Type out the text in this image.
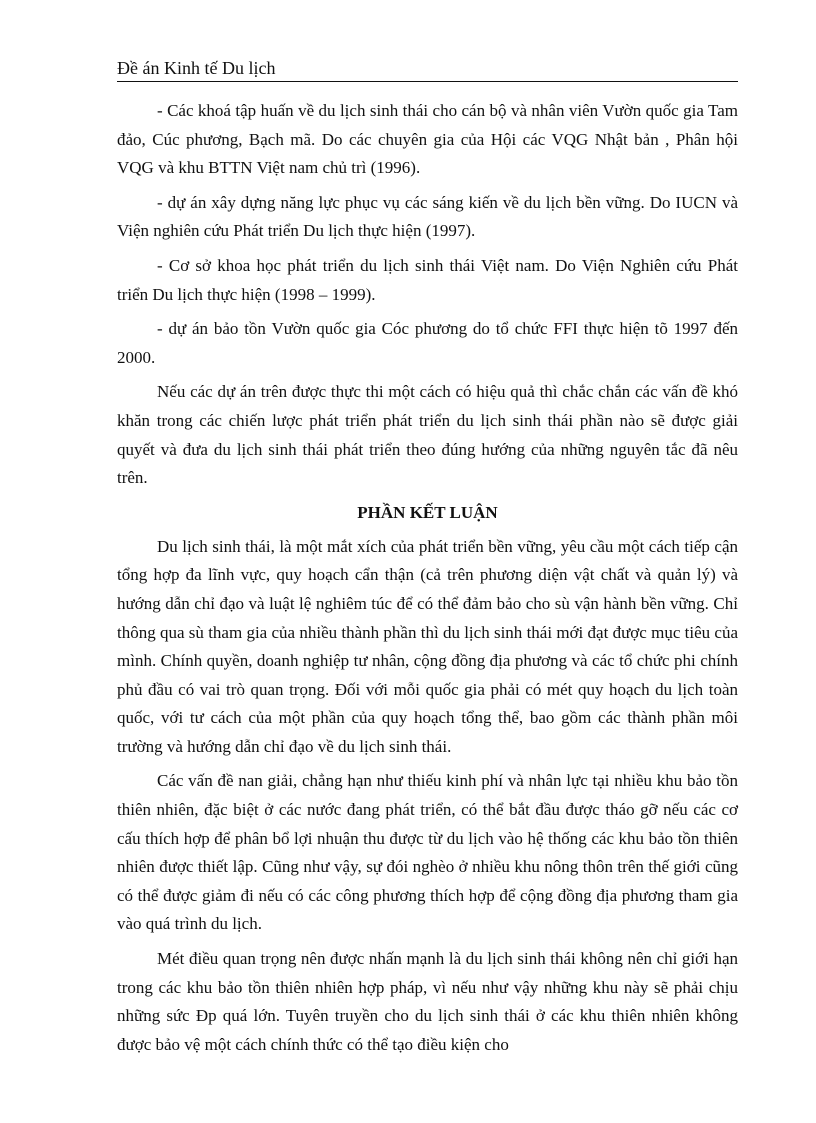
Đề án Kinh tế Du lịch

- Các khoá tập huấn về du lịch sinh thái cho cán bộ và nhân viên Vườn quốc gia Tam đảo, Cúc phương, Bạch mã. Do các chuyên gia của Hội các VQG Nhật bản , Phân hội VQG và khu BTTN Việt nam chủ trì (1996).

- dự án xây dựng năng lực phục vụ các sáng kiến về du lịch bền vững. Do IUCN và Viện nghiên cứu Phát triển Du lịch thực hiện (1997).

- Cơ sở khoa học phát triển du lịch sinh thái Việt nam. Do Viện Nghiên cứu Phát triển Du lịch thực hiện (1998 – 1999).

- dự án bảo tồn Vườn quốc gia Cóc phương do tổ chức FFI thực hiện tõ 1997 đến 2000.

Nếu các dự án trên được thực thi một cách có hiệu quả thì chắc chắn các vấn đề khó khăn trong các chiến lược phát triển phát triển du lịch sinh thái phần nào sẽ được giải quyết và đưa du lịch sinh thái phát triển theo đúng hướng của những nguyên tắc đã nêu trên.

PHẦN KẾT LUẬN

Du lịch sinh thái, là một mắt xích của phát triển bền vững, yêu cầu một cách tiếp cận tổng hợp đa lĩnh vực, quy hoạch cẩn thận (cả trên phương diện vật chất và quản lý) và hướng dẫn chỉ đạo và luật lệ nghiêm túc để có thể đảm bảo cho sù vận hành bền vững. Chỉ thông qua sù tham gia của nhiều thành phần thì du lịch sinh thái mới đạt được mục tiêu của mình. Chính quyền, doanh nghiệp tư nhân, cộng đồng địa phương và các tổ chức phi chính phủ đầu có vai trò quan trọng. Đối với mỗi quốc gia phải có mét quy hoạch du lịch toàn quốc, với tư cách của một phần của quy hoạch tổng thể, bao gồm các thành phần môi trường và hướng dẫn chỉ đạo về du lịch sinh thái.

Các vấn đề nan giải, chẳng hạn như thiếu kinh phí và nhân lực tại nhiều khu bảo tồn thiên nhiên, đặc biệt ở các nước đang phát triển, có thể bắt đầu được tháo gỡ nếu các cơ cấu thích hợp để phân bổ lợi nhuận thu được từ du lịch vào hệ thống các khu bảo tồn thiên nhiên được thiết lập. Cũng như vậy, sự đói nghèo ở nhiều khu nông thôn trên thế giới cũng có thể được giảm đi nếu có các công phương thích hợp để cộng đồng địa phương tham gia vào quá trình du lịch.

Mét điều quan trọng nên được nhấn mạnh là du lịch sinh thái không nên chỉ giới hạn trong các khu bảo tồn thiên nhiên hợp pháp, vì nếu như vậy những khu này sẽ phải chịu những sức Ðp quá lớn. Tuyên truyền cho du lịch sinh thái ở các khu thiên nhiên không được bảo vệ một cách chính thức có thể tạo điều kiện cho
